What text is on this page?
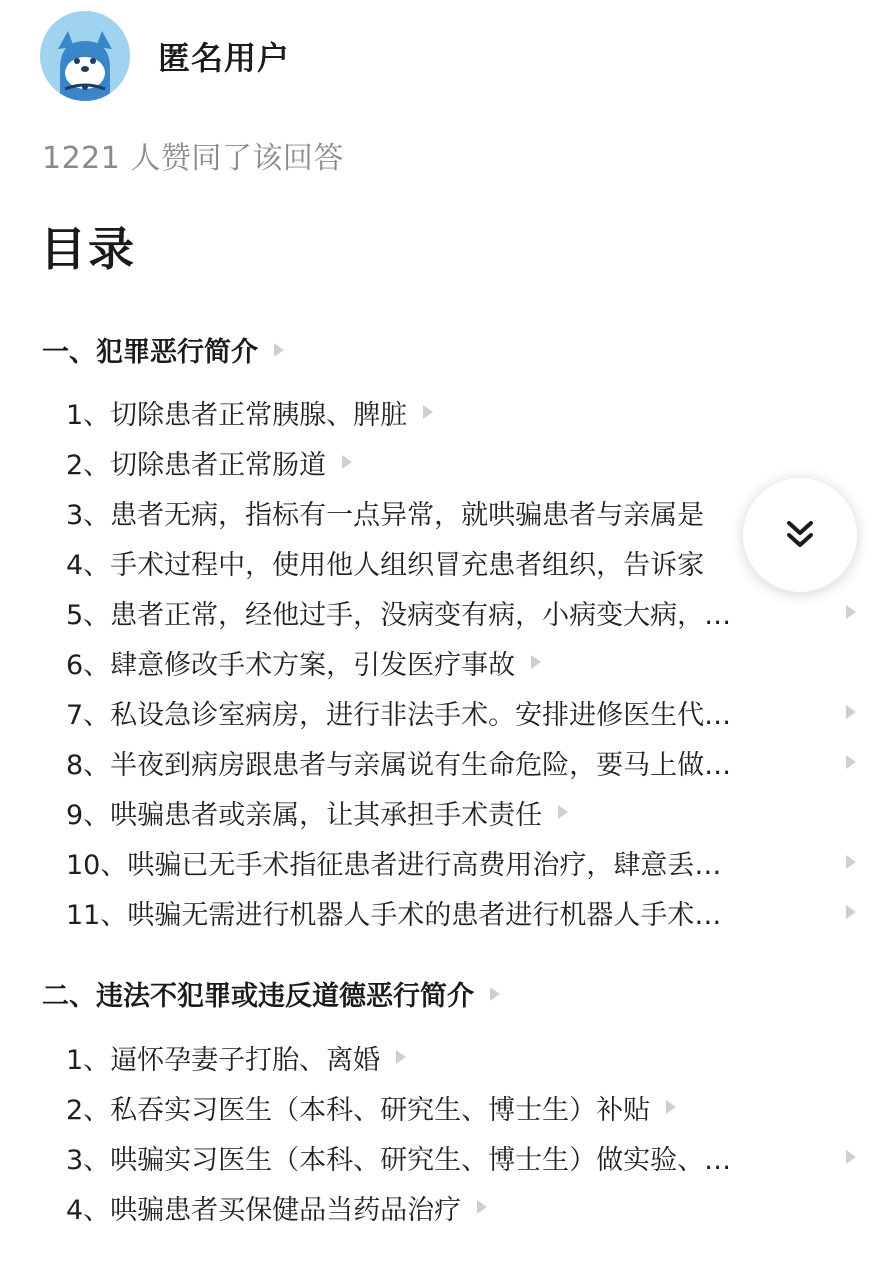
匿名用户
1221 人赞同了该回答
目录
一、犯罪恶行简介
1、切除患者正常胰腺、脾脏
2、切除患者正常肠道
3、患者无病，指标有一点异常，就哄骗患者与亲属是
4、手术过程中，使用他人组织冒充患者组织，告诉家
5、患者正常，经他过手，没病变有病，小病变大病，…
6、肆意修改手术方案，引发医疗事故
7、私设急诊室病房，进行非法手术。安排进修医生代…
8、半夜到病房跟患者与亲属说有生命危险，要马上做…
9、哄骗患者或亲属，让其承担手术责任
10、哄骗已无手术指征患者进行高费用治疗，肆意丢…
11、哄骗无需进行机器人手术的患者进行机器人手术…
二、违法不犯罪或违反道德恶行简介
1、逼怀孕妻子打胎、离婚
2、私吞实习医生（本科、研究生、博士生）补贴
3、哄骗实习医生（本科、研究生、博士生）做实验、…
4、哄骗患者买保健品当药品治疗
